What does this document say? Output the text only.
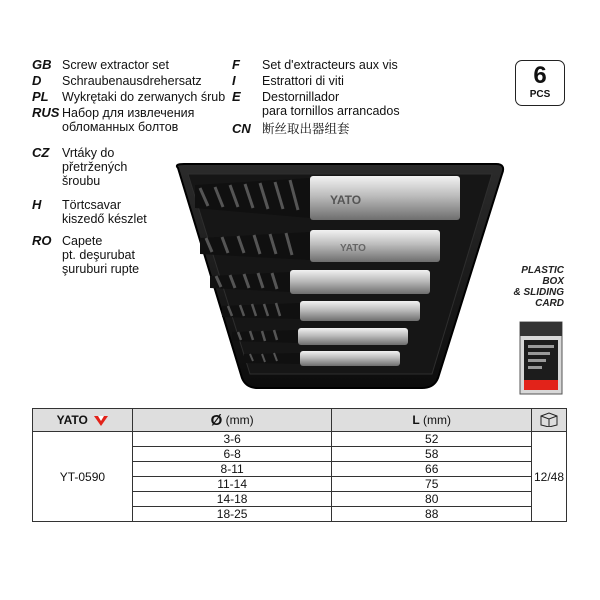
GB Screw extractor set
D Schraubenausdrehersatz
PL Wykrętaki do zerwanych śrub
RUS Набор для извлечения
обломанных болтов
CZ Vrtáky do
přetržených
šroubu
H Törtcsavar
kiszedő készlet
RO Capete
pt. deşurubat
şuruburi rupte
F Set d'extracteurs aux vis
I Estrattori di viti
E Destornillador
para tornillos arrancados
CN 断丝取出器组套
6
PCS
PLASTIC
BOX
& SLIDING
CARD
YATO
YATO
YATO	Ø (mm)	L (mm)	
YT-0590	3-6	52	12/48
	6-8	58	
	8-11	66	
	11-14	75	
	14-18	80	
	18-25	88	
